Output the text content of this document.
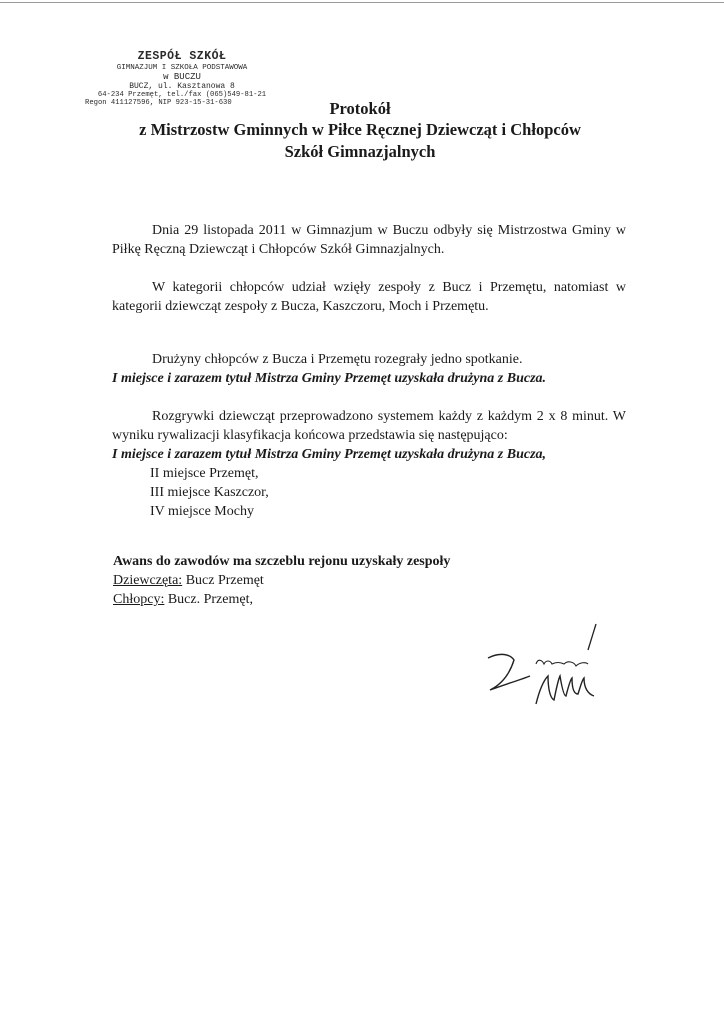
ZESPÓŁ SZKÓŁ
GIMNAZJUM I SZKOŁA PODSTAWOWA
w BUCZU
BUCZ, ul. Kasztanowa 8
64-234 Przemęt, tel./fax (065)549-81-21
Regon 411127596, NIP 923-15-31-630	Protokół
z Mistrzostw Gminnych w Piłce Ręcznej Dziewcząt i Chłopców
Szkół Gimnazjalnych
Dnia 29 listopada 2011 w Gimnazjum w Buczu odbyły się Mistrzostwa Gminy w Piłkę Ręczną Dziewcząt i Chłopców Szkół Gimnazjalnych.
W kategorii chłopców udział wzięły zespoły z Bucz i Przemętu, natomiast w kategorii dziewcząt zespoły z Bucza, Kaszczoru, Moch i Przemętu.
Drużyny chłopców z Bucza i Przemętu rozegrały jedno spotkanie.
I miejsce i zarazem tytuł Mistrza Gminy Przemęt uzyskała drużyna z Bucza.
Rozgrywki dziewcząt przeprowadzono systemem każdy z każdym 2 x 8 minut. W wyniku rywalizacji klasyfikacja końcowa przedstawia się następująco:
I miejsce i zarazem tytuł Mistrza Gminy Przemęt uzyskała drużyna z Bucza,
II miejsce Przemęt,
III miejsce Kaszczor,
IV miejsce Mochy
Awans do zawodów ma szczeblu rejonu uzyskały zespoły
Dziewczęta: Bucz Przemęt
Chłopcy: Bucz. Przemęt,
